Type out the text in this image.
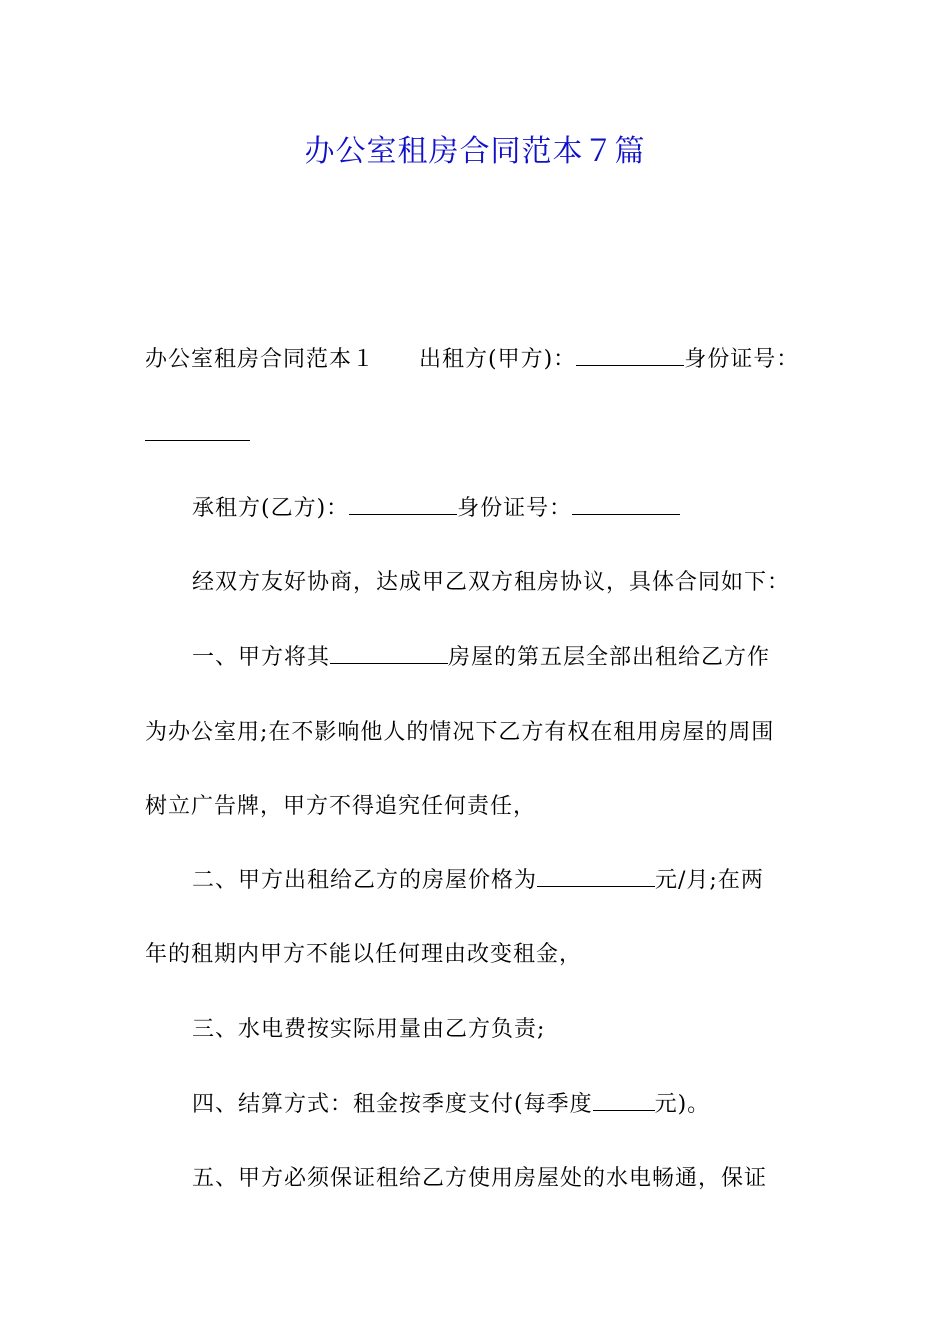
办公室租房合同范本７篇
办公室租房合同范本１ 出租方(甲方)：	身份证号：
承租方(乙方)：	身份证号：
经双方友好协商，达成甲乙双方租房协议，具体合同如下：
一、甲方将其	房屋的第五层全部出租给乙方作
为办公室用;在不影响他人的情况下乙方有权在租用房屋的周围
树立广告牌，甲方不得追究任何责任，
二、甲方出租给乙方的房屋价格为	元/月;在两
年的租期内甲方不能以任何理由改变租金，
三、水电费按实际用量由乙方负责;
四、结算方式：租金按季度支付(每季度	元)。
五、甲方必须保证租给乙方使用房屋处的水电畅通，保证
